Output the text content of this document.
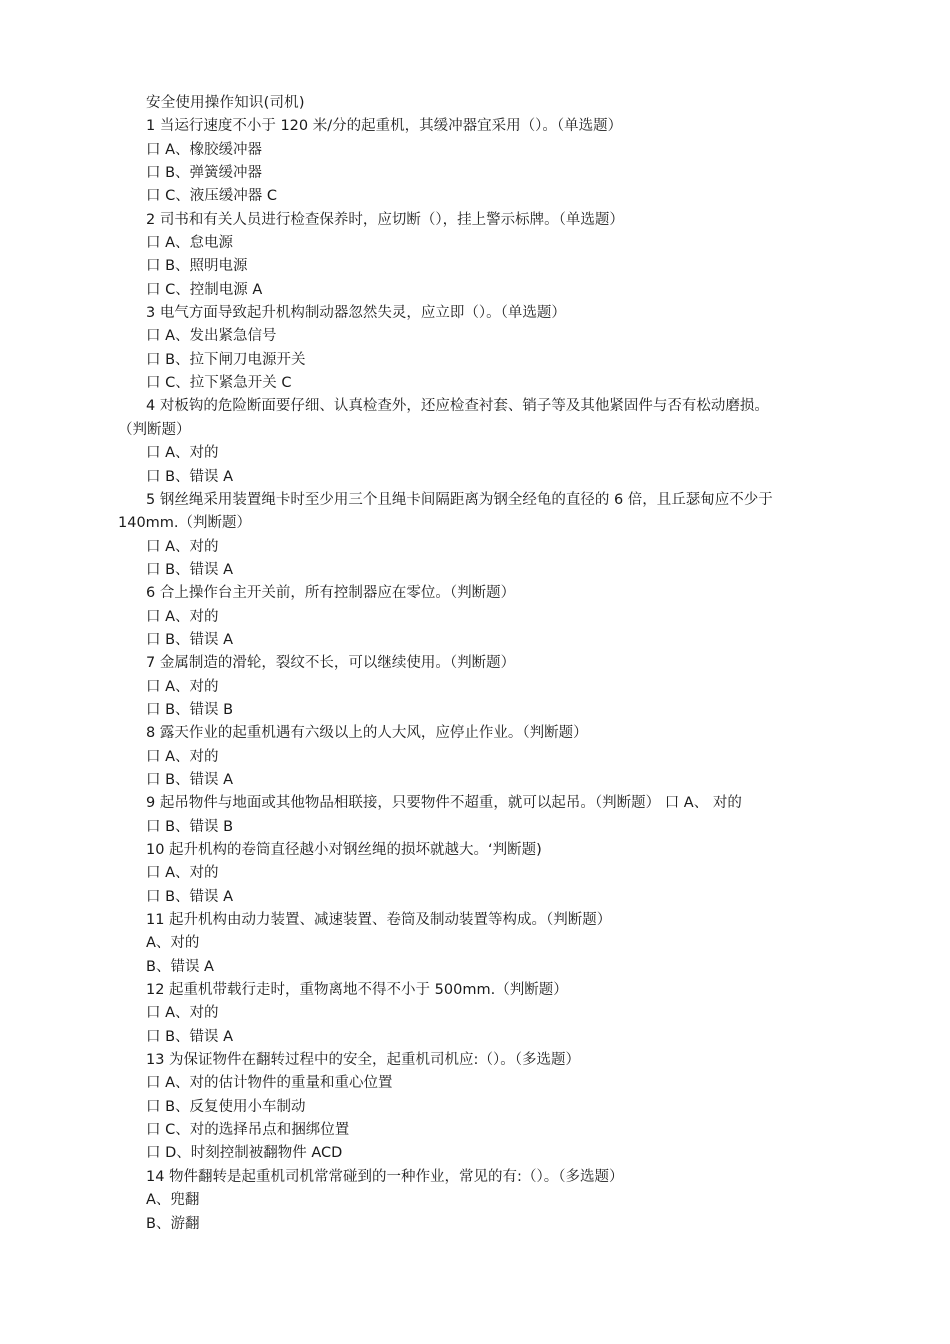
安全使用操作知识(司机)
1 当运行速度不小于 120 米/分的起重机，其缓冲器宜采用（）。（单选题）
口 A、橡胶缓冲器
口 B、弹簧缓冲器
口 C、液压缓冲器 C
2 司书和有关人员进行检查保养时，应切断（），挂上警示标牌。（单选题）
口 A、怠电源
口 B、照明电源
口 C、控制电源 A
3 电气方面导致起升机构制动器忽然失灵，应立即（）。（单选题）
口 A、发出紧急信号
口 B、拉下闸刀电源开关
口 C、拉下紧急开关 C
4 对板钩的危险断面要仔细、认真检查外，还应检查衬套、销子等及其他紧固件与否有松动磨损。
（判断题）
口 A、对的
口 B、错误 A
5 钢丝绳采用装置绳卡时至少用三个且绳卡间隔距离为钢全经龟的直径的 6 倍，且丘瑟甸应不少于
140mm.（判断题）
口 A、对的
口 B、错误 A
6 合上操作台主开关前，所有控制器应在零位。（判断题）
口 A、对的
口 B、错误 A
7 金属制造的滑轮，裂纹不长，可以继续使用。（判断题）
口 A、对的
口 B、错误 B
8 露天作业的起重机遇有六级以上的人大风，应停止作业。（判断题）
口 A、对的
口 B、错误 A
9 起吊物件与地面或其他物品相联接，只要物件不超重，就可以起吊。（判断题） 口 A、 对的
口 B、错误 B
10 起升机构的卷筒直径越小对钢丝绳的损坏就越大。‘判断题)
口 A、对的
口 B、错误 A
11 起升机构由动力装置、减速装置、卷筒及制动装置等构成。（判断题）
A、对的
B、错误 A
12 起重机带载行走时，重物离地不得不小于 500mm.（判断题）
口 A、对的
口 B、错误 A
13 为保证物件在翻转过程中的安全，起重机司机应:（）。（多选题）
口 A、对的估计物件的重量和重心位置
口 B、反复使用小车制动
口 C、对的选择吊点和捆绑位置
口 D、时刻控制被翻物件 ACD
14 物件翻转是起重机司机常常碰到的一种作业，常见的有:（）。（多选题）
A、兜翻
B、游翻
